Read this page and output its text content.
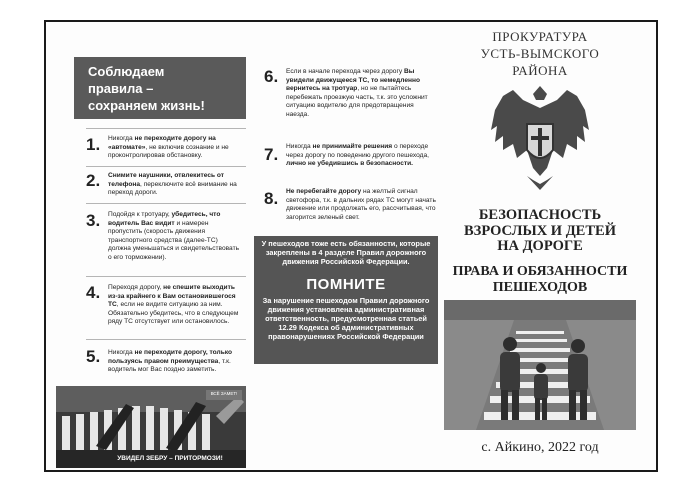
Соблюдаем
правила –
сохраняем жизнь!
1. Никогда не переходите дорогу на «автомате», не включив сознание и не проконтролировав обстановку.
2. Снимите наушники, отвлекитесь от телефона, переключите всё внимание на переход дороги.
3. Подойдя к тротуару, убедитесь, что водитель Вас видит и намерен пропустить (скорость движения транспортного средства (далее-ТС) должна уменьшаться и свидетельствовать о его торможении).
4. Переходя дорогу, не спешите выходить из-за крайнего к Вам остановившегося ТС, если не видите ситуацию за ним. Обязательно убедитесь, что в следующем ряду ТС отсутствует или остановилось.
5. Никогда не переходите дорогу, только пользуясь правом преимущества, т.к. водитель мог Вас поздно заметить.
ВСЁ ЗАМЕТ!
УВИДЕЛ ЗЕБРУ – ПРИТОРМОЗИ!
6. Если в начале перехода через дорогу Вы увидели движущееся ТС, то немедленно вернитесь на тротуар, но не пытайтесь перебежать проезжую часть, т.к. это усложнит ситуацию водителю для предотвращения наезда.
7. Никогда не принимайте решения о переходе через дорогу по поведению другого пешехода, лично не убедившись в безопасности.
8. Не перебегайте дорогу на желтый сигнал светофора, т.к. в дальних рядах ТС могут начать движение или продолжать его, рассчитывая, что загорится зеленый свет.
У пешеходов тоже есть обязанности, которые закреплены в 4 разделе Правил дорожного движения Российской Федерации.
ПОМНИТЕ
За нарушение пешеходом Правил дорожного движения установлена административная ответственность, предусмотренная статьей 12.29 Кодекса об административных правонарушениях Российской Федерации
ПРОКУРАТУРА
УСТЬ-ВЫМСКОГО
РАЙОНА
БЕЗОПАСНОСТЬ
ВЗРОСЛЫХ И ДЕТЕЙ
НА ДОРОГЕ
ПРАВА И ОБЯЗАННОСТИ
ПЕШЕХОДОВ
с. Айкино, 2022 год
